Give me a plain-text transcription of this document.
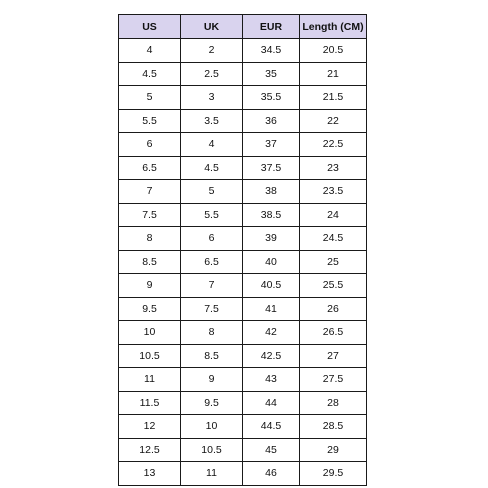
US	UK	EUR	Length (CM)
4	2	34.5	20.5
4.5	2.5	35	21
5	3	35.5	21.5
5.5	3.5	36	22
6	4	37	22.5
6.5	4.5	37.5	23
7	5	38	23.5
7.5	5.5	38.5	24
8	6	39	24.5
8.5	6.5	40	25
9	7	40.5	25.5
9.5	7.5	41	26
10	8	42	26.5
10.5	8.5	42.5	27
11	9	43	27.5
11.5	9.5	44	28
12	10	44.5	28.5
12.5	10.5	45	29
13	11	46	29.5
